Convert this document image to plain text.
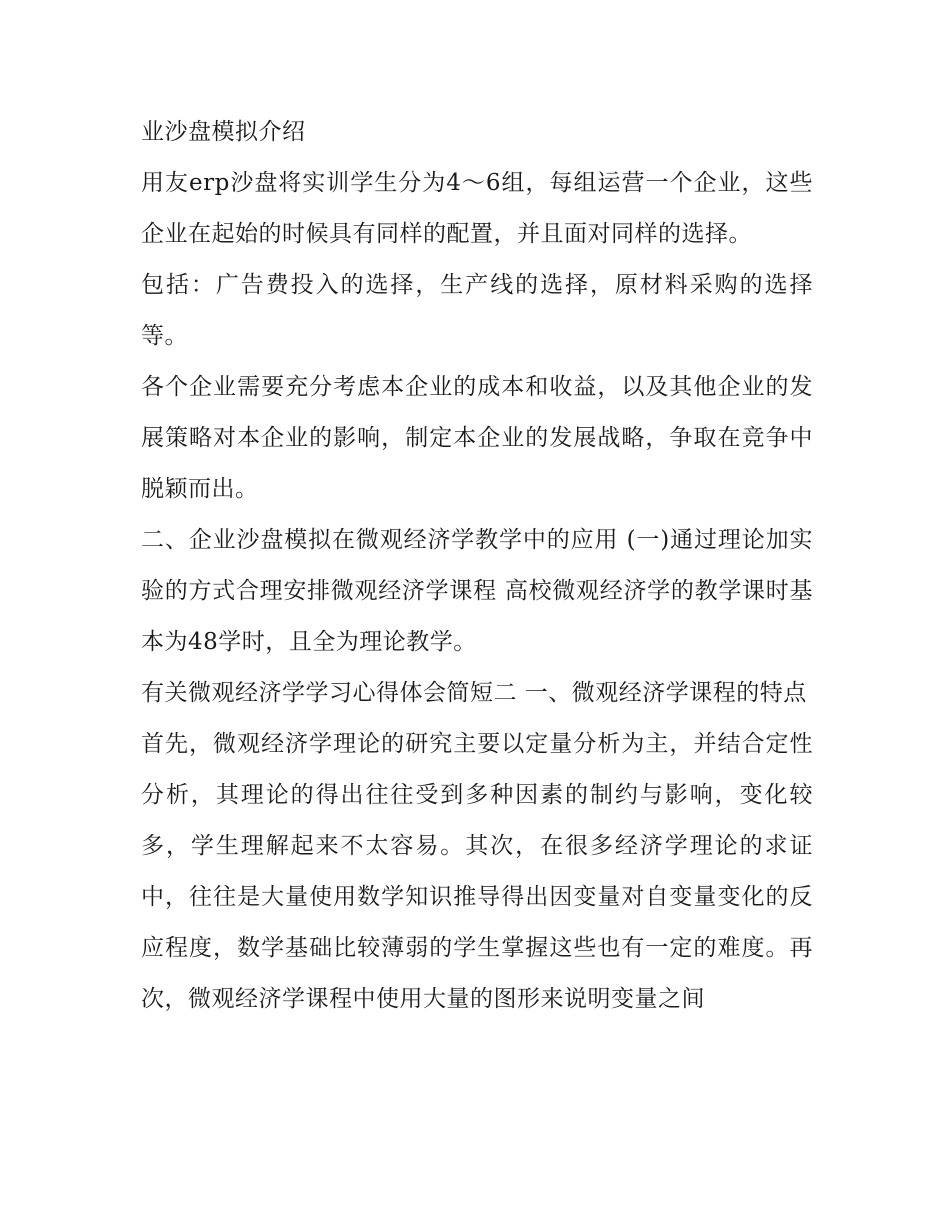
业沙盘模拟介绍

用友erp沙盘将实训学生分为4～6组，每组运营一个企业，这些企业在起始的时候具有同样的配置，并且面对同样的选择。

包括：广告费投入的选择，生产线的选择，原材料采购的选择等。

各个企业需要充分考虑本企业的成本和收益，以及其他企业的发展策略对本企业的影响，制定本企业的发展战略，争取在竞争中脱颖而出。

二、企业沙盘模拟在微观经济学教学中的应用 (一)通过理论加实验的方式合理安排微观经济学课程 高校微观经济学的教学课时基本为48学时，且全为理论教学。

有关微观经济学学习心得体会简短二 一、微观经济学课程的特点

首先，微观经济学理论的研究主要以定量分析为主，并结合定性分析，其理论的得出往往受到多种因素的制约与影响，变化较多，学生理解起来不太容易。其次，在很多经济学理论的求证中，往往是大量使用数学知识推导得出因变量对自变量变化的反应程度，数学基础比较薄弱的学生掌握这些也有一定的难度。再次，微观经济学课程中使用大量的图形来说明变量之间
